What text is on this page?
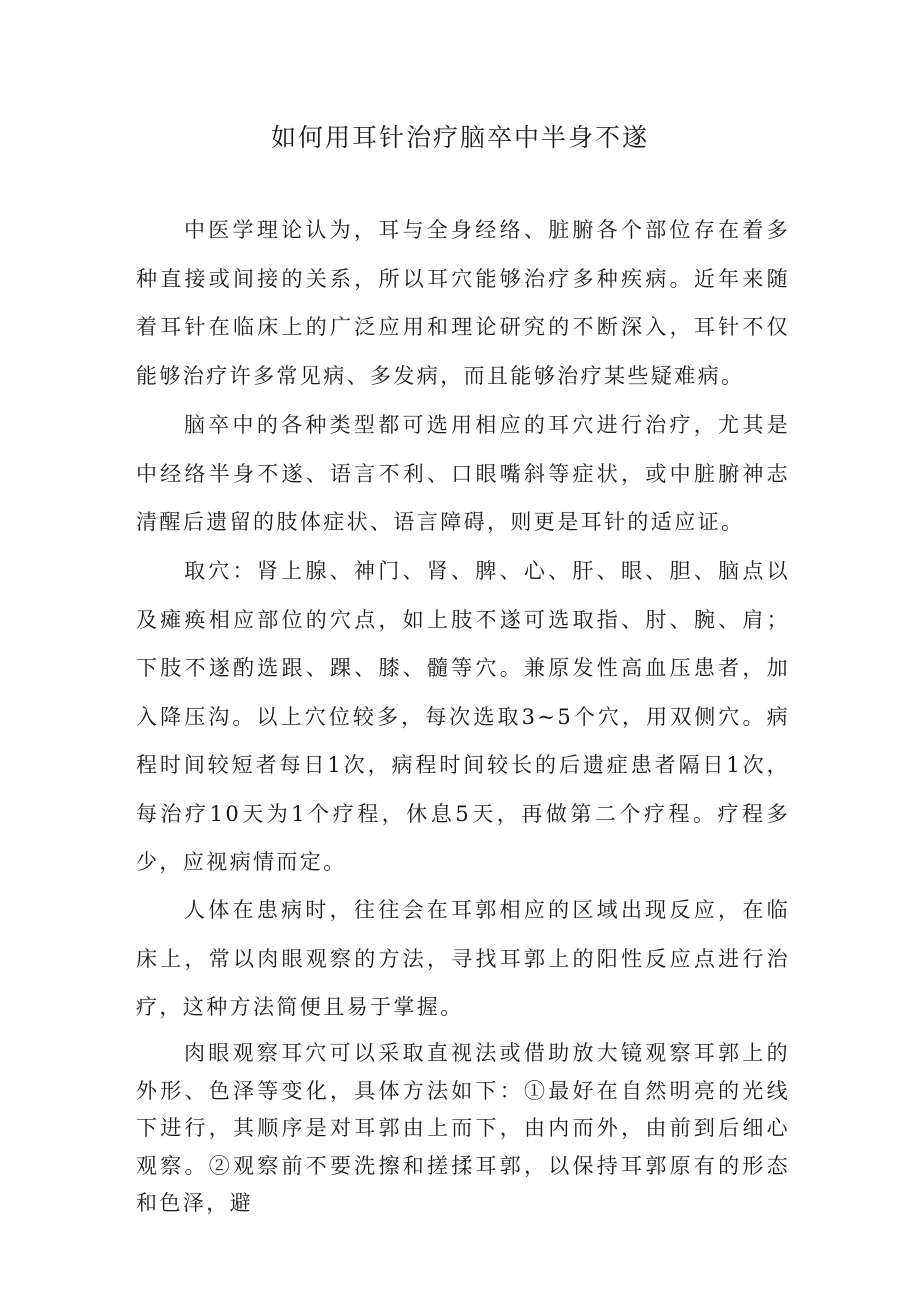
如何用耳针治疗脑卒中半身不遂

中医学理论认为，耳与全身经络、脏腑各个部位存在着多种直接或间接的关系，所以耳穴能够治疗多种疾病。近年来随着耳针在临床上的广泛应用和理论研究的不断深入，耳针不仅能够治疗许多常见病、多发病，而且能够治疗某些疑难病。

脑卒中的各种类型都可选用相应的耳穴进行治疗，尤其是中经络半身不遂、语言不利、口眼嘴斜等症状，或中脏腑神志清醒后遗留的肢体症状、语言障碍，则更是耳针的适应证。

取穴：肾上腺、神门、肾、脾、心、肝、眼、胆、脑点以及瘫痪相应部位的穴点，如上肢不遂可选取指、肘、腕、肩；下肢不遂酌选跟、踝、膝、髓等穴。兼原发性高血压患者，加入降压沟。以上穴位较多，每次选取3~5个穴，用双侧穴。病程时间较短者每日1次，病程时间较长的后遗症患者隔日1次，每治疗10天为1个疗程，休息5天，再做第二个疗程。疗程多少，应视病情而定。

人体在患病时，往往会在耳郭相应的区域出现反应，在临床上，常以肉眼观察的方法，寻找耳郭上的阳性反应点进行治疗，这种方法简便且易于掌握。

肉眼观察耳穴可以采取直视法或借助放大镜观察耳郭上的外形、色泽等变化，具体方法如下：①最好在自然明亮的光线下进行，其顺序是对耳郭由上而下，由内而外，由前到后细心观察。②观察前不要洗擦和搓揉耳郭，以保持耳郭原有的形态和色泽，避
